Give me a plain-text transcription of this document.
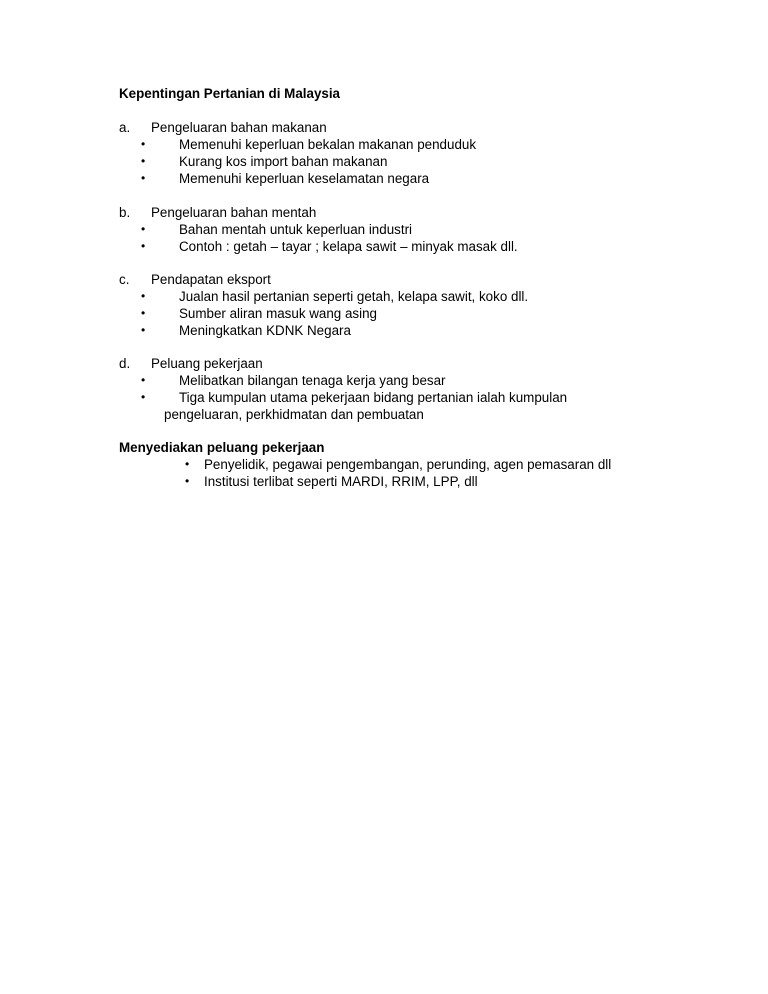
Kepentingan Pertanian di Malaysia
a. Pengeluaran bahan makanan
•	Memenuhi keperluan bekalan makanan penduduk
•	Kurang kos import bahan makanan
•	Memenuhi keperluan keselamatan negara
b. Pengeluaran bahan mentah
•	Bahan mentah untuk keperluan industri
•	Contoh : getah – tayar ; kelapa sawit – minyak masak dll.
c. Pendapatan eksport
•	Jualan hasil pertanian seperti getah, kelapa sawit, koko dll.
•	Sumber aliran masuk wang asing
•	Meningkatkan KDNK Negara
d. Peluang pekerjaan
•	Melibatkan bilangan tenaga kerja yang besar
•	Tiga kumpulan utama pekerjaan bidang pertanian ialah kumpulan pengeluaran, perkhidmatan dan pembuatan
Menyediakan peluang pekerjaan
• Penyelidik, pegawai pengembangan, perunding, agen pemasaran dll
• Institusi terlibat seperti MARDI, RRIM, LPP, dll
